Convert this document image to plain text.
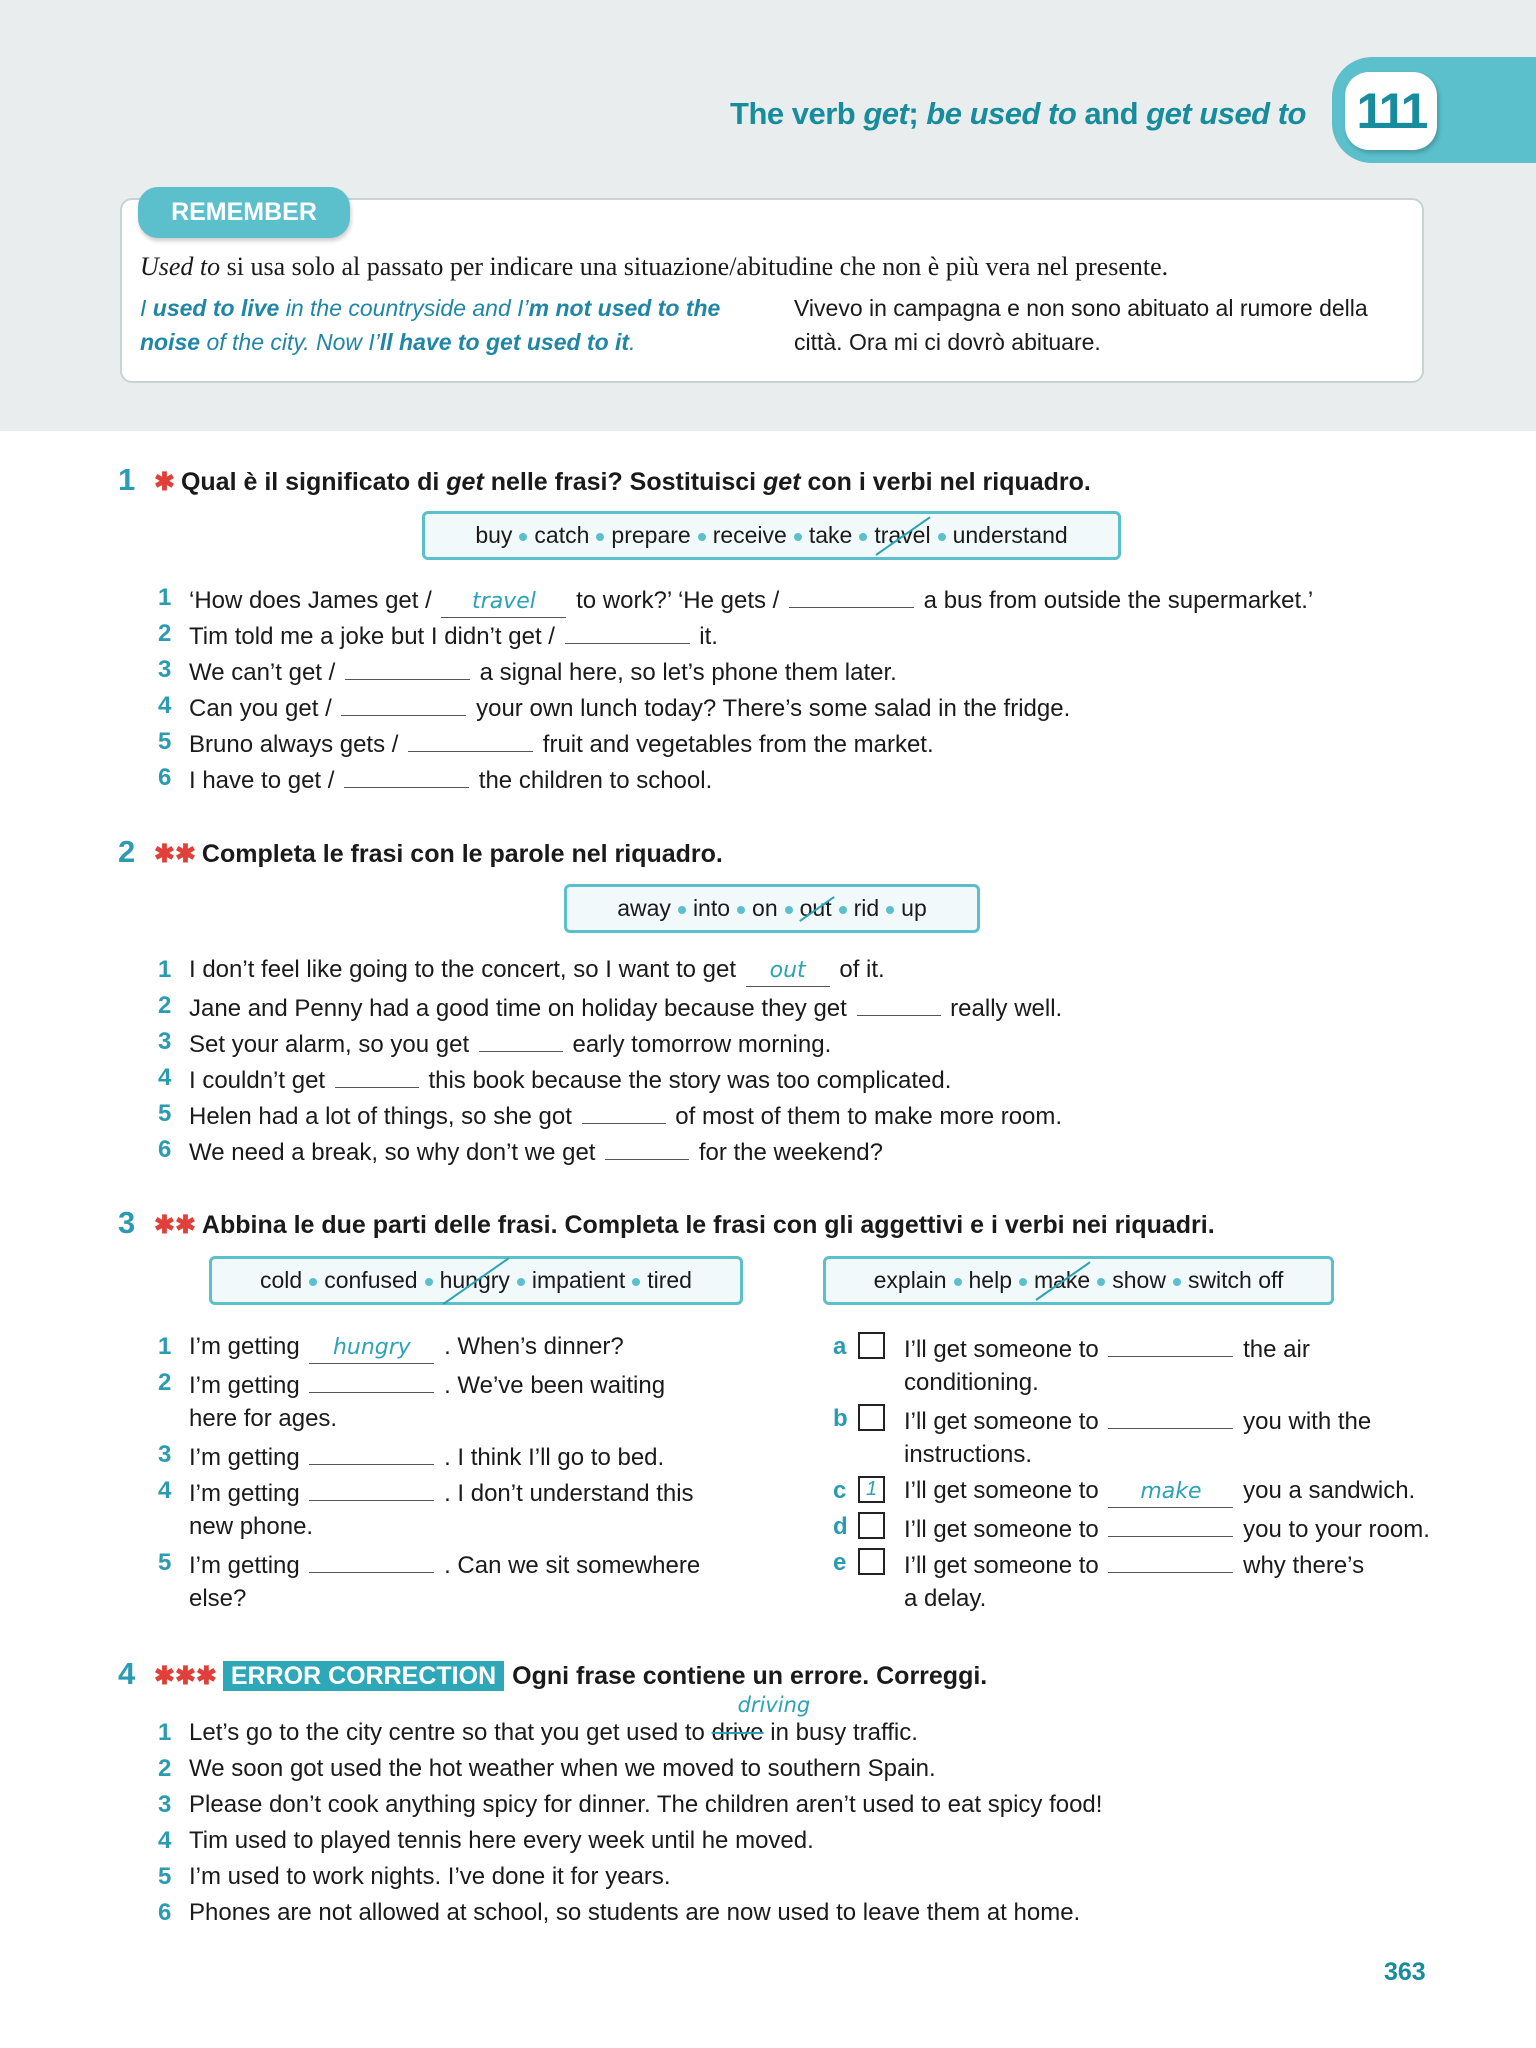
The verb get; be used to and get used to 111
REMEMBER
Used to si usa solo al passato per indicare una situazione/abitudine che non è più vera nel presente.
I used to live in the countryside and I’m not used to the noise of the city. Now I’ll have to get used to it.
Vivevo in campagna e non sono abituato al rumore della città. Ora mi ci dovrò abituare.
1 ✱ Qual è il significato di get nelle frasi? Sostituisci get con i verbi nel riquadro.
buy catch prepare receive take travel understand
‘How does James get / travel to work?’ ‘He gets /	a bus from outside the supermarket.’
1
Tim told me a joke but I didn’t get /	it.
2
We can’t get /	a signal here, so let’s phone them later.
3
Can you get /	your own lunch today? There’s some salad in the fridge.
4
Bruno always gets /	fruit and vegetables from the market.
5
I have to get /	the children to school.
6
2 ✱✱ Completa le frasi con le parole nel riquadro.
away into on out rid up
I don’t feel like going to the concert, so I want to get out of it.
1
Jane and Penny had a good time on holiday because they get	really well.
2
Set your alarm, so you get	early tomorrow morning.
3
I couldn’t get	this book because the story was too complicated.
4
Helen had a lot of things, so she got	of most of them to make more room.
5
We need a break, so why don’t we get	for the weekend?
6
3 ✱✱ Abbina le due parti delle frasi. Completa le frasi con gli aggettivi e i verbi nei riquadri.
cold confused hungry impatient tired	explain help make show switch off
I’m getting hungry . When’s dinner?
1
I’m getting	. We’ve been waiting
2
here for ages.
I’m getting	. I think I’ll go to bed.
3
I’m getting	. I don’t understand this
4
new phone.
I’m getting	. Can we sit somewhere
5
else?
I’ll get someone to	the air
a
conditioning.
I’ll get someone to	you with the
b
instructions.
I’ll get someone to make you a sandwich.
c 1
I’ll get someone to	you to your room.
d
I’ll get someone to	why there’s
e
a delay.
4 ✱✱✱ ERROR CORRECTION Ogni frase contiene un errore. Correggi.
Let’s go to the city centre so that you get used to drive
driving
in busy traffic.
1
We soon got used the hot weather when we moved to southern Spain.
2
Please don’t cook anything spicy for dinner. The children aren’t used to eat spicy food!
3
Tim used to played tennis here every week until he moved.
4
I’m used to work nights. I’ve done it for years.
5
Phones are not allowed at school, so students are now used to leave them at home.
6
363
